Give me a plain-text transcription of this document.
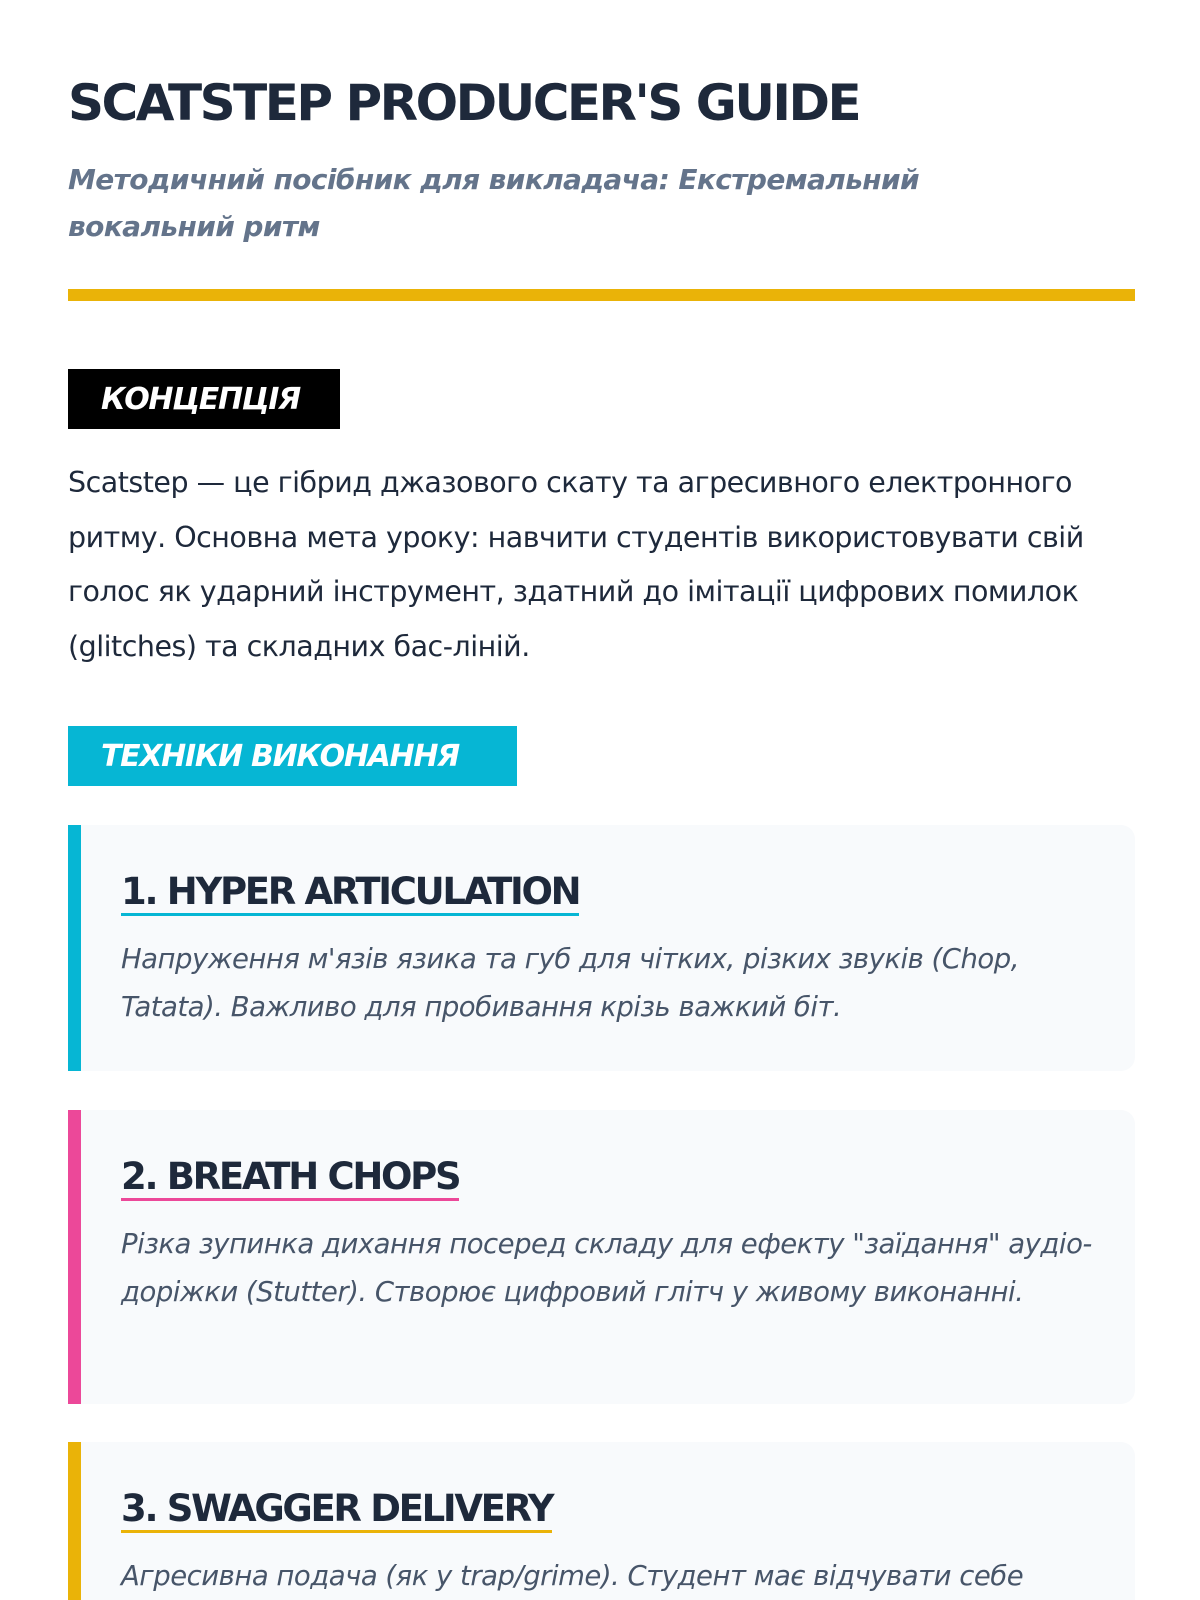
SCATSTEP PRODUCER'S GUIDE

Методичний посібник для викладача: Екстремальний вокальний ритм

КОНЦЕПЦІЯ

Scatstep — це гібрид джазового скату та агресивного електронного ритму. Основна мета уроку: навчити студентів використовувати свій голос як ударний інструмент, здатний до імітації цифрових помилок (glitches) та складних бас-ліній.

ТЕХНІКИ ВИКОНАННЯ
1. HYPER ARTICULATION

Напруження м'язів язика та губ для чітких, різких звуків (Chop, Tatata). Важливо для пробивання крізь важкий біт.

2. BREATH CHOPS

Різка зупинка дихання посеред складу для ефекту "заїдання" аудіо-доріжки (Stutter). Створює цифровий глітч у живому виконанні.

3. SWAGGER DELIVERY

Агресивна подача (як у trap/grime). Студент має відчувати себе
